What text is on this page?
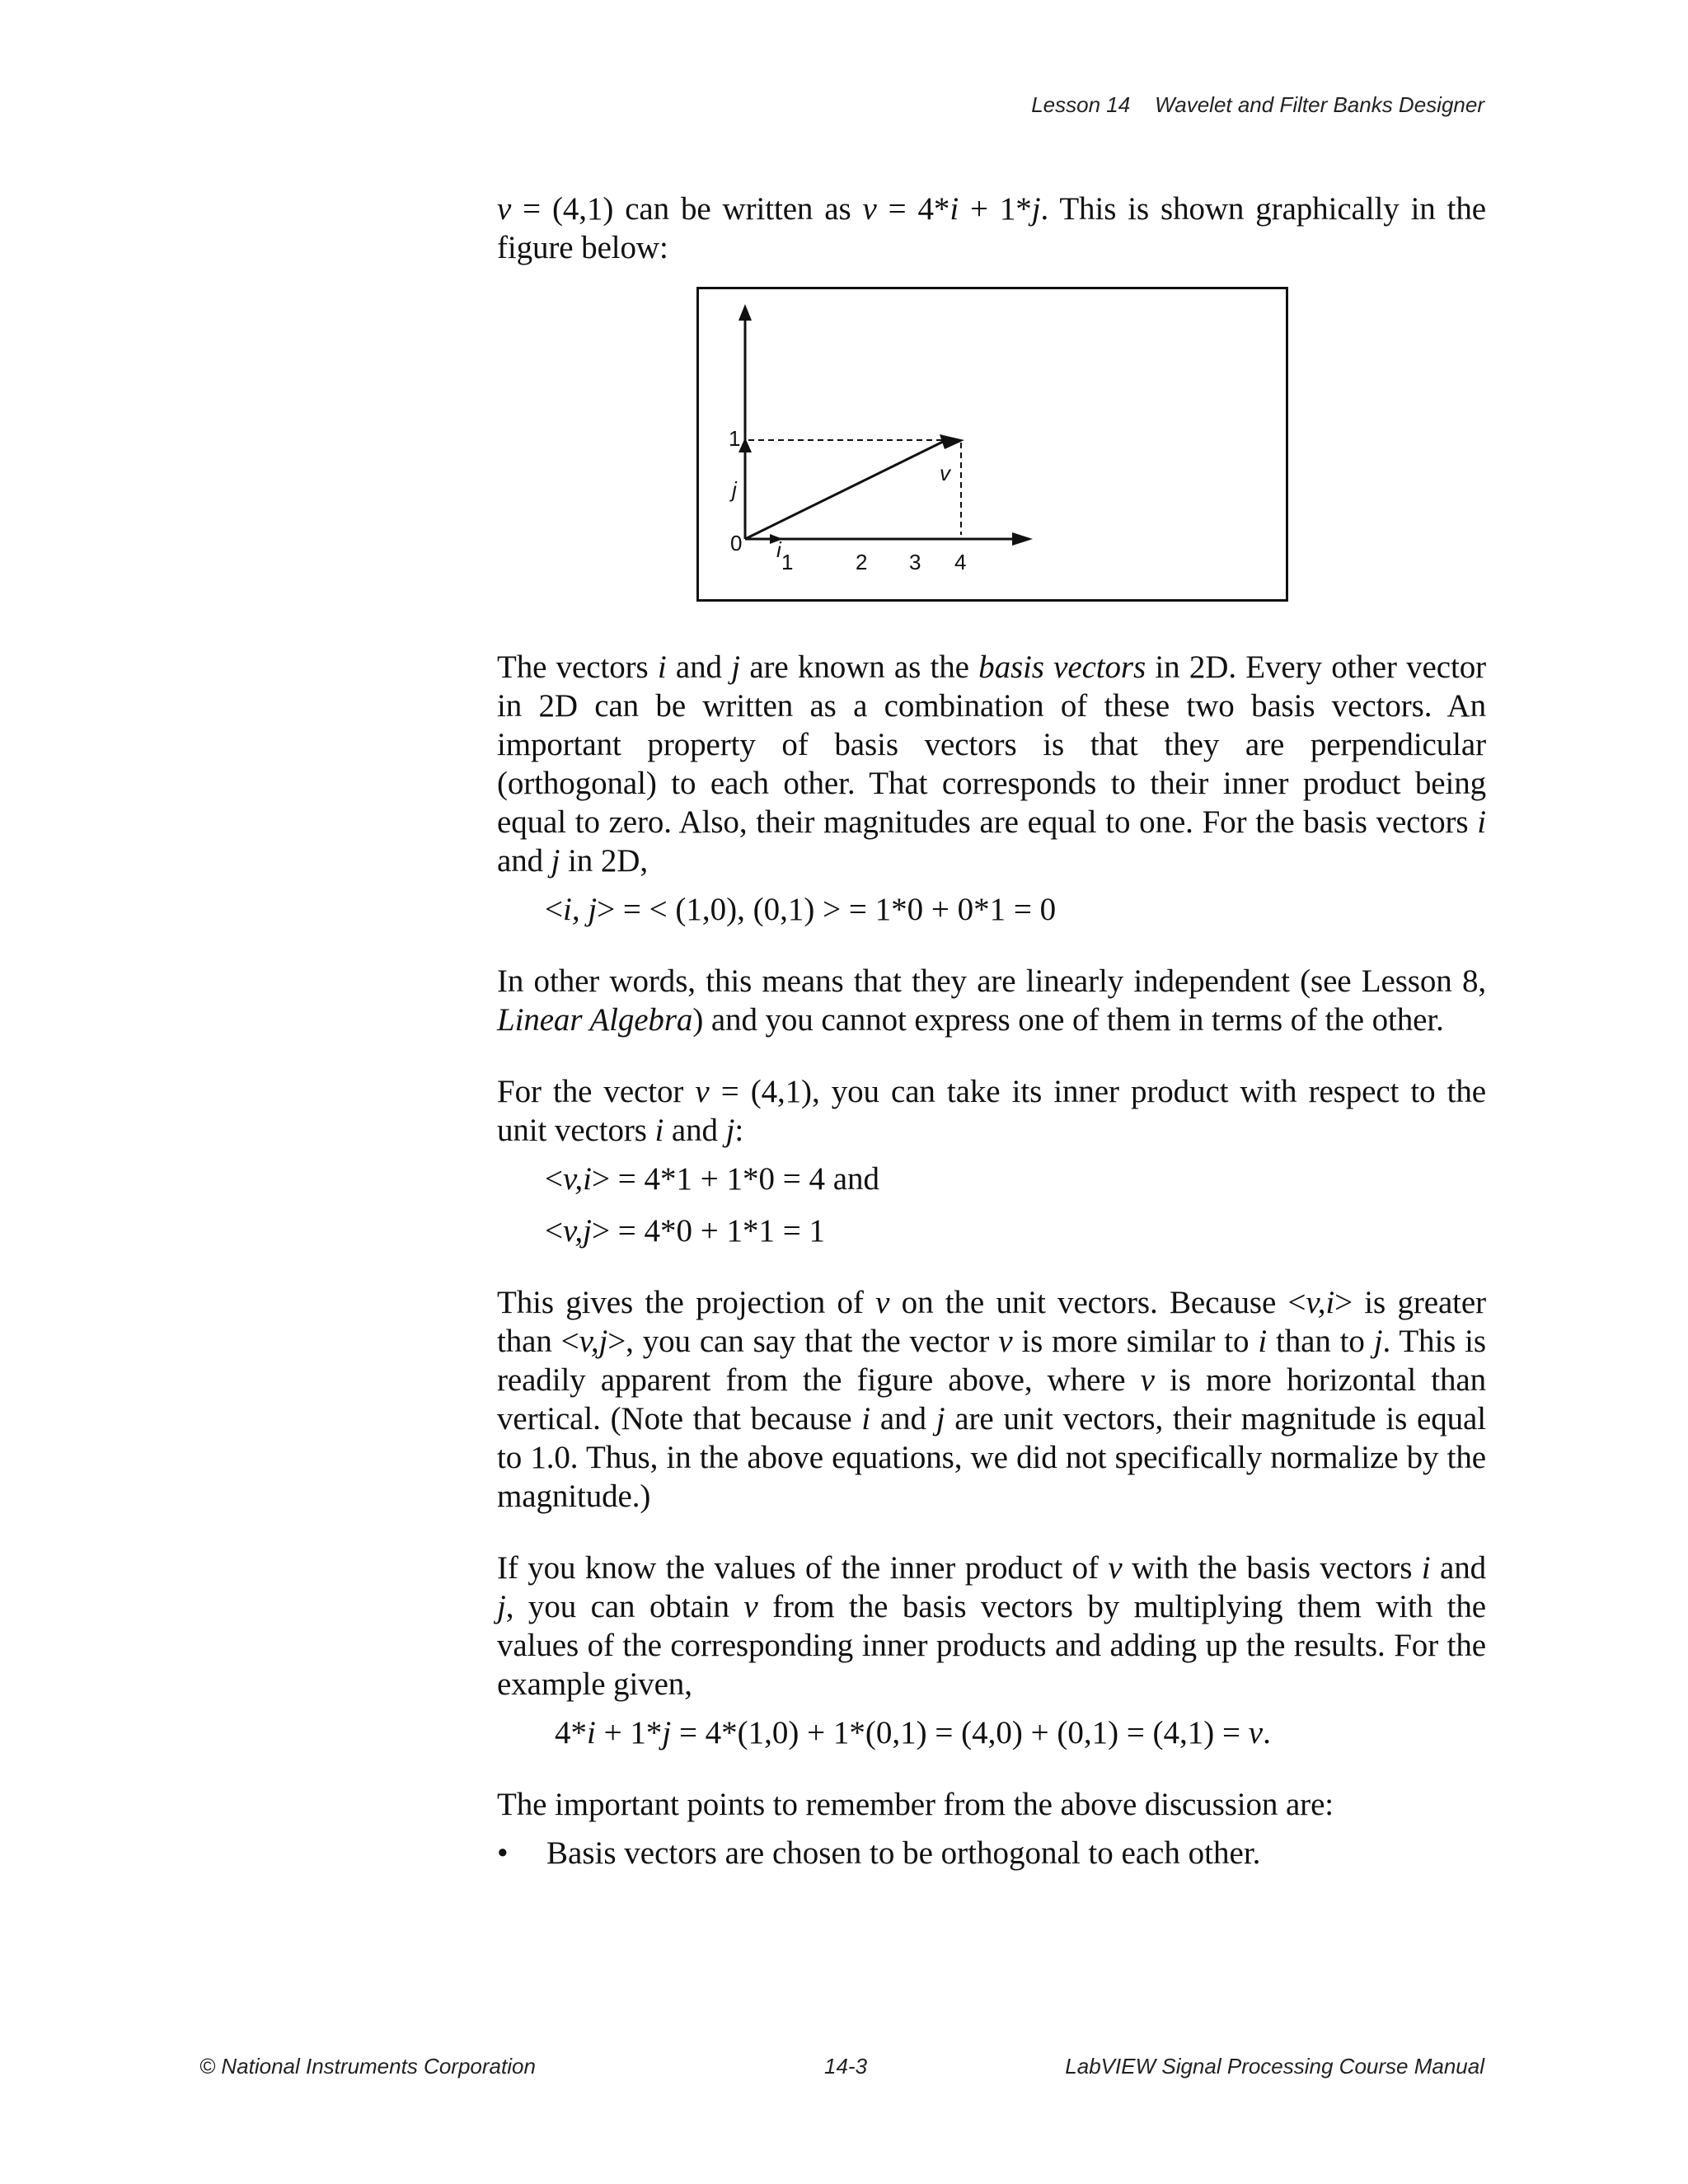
Lesson 14 Wavelet and Filter Banks Designer

v = (4,1) can be written as v = 4*i + 1*j. This is shown graphically in the figure below:

1
0
j
i
v
1	2 3 4

The vectors i and j are known as the basis vectors in 2D. Every other vector in 2D can be written as a combination of these two basis vectors. An important property of basis vectors is that they are perpendicular (orthogonal) to each other. That corresponds to their inner product being equal to zero. Also, their magnitudes are equal to one. For the basis vectors i and j in 2D,

<i, j> = < (1,0), (0,1) > = 1*0 + 0*1 = 0

In other words, this means that they are linearly independent (see Lesson 8, Linear Algebra) and you cannot express one of them in terms of the other.

For the vector v = (4,1), you can take its inner product with respect to the unit vectors i and j:

<v,i> = 4*1 + 1*0 = 4 and
<v,j> = 4*0 + 1*1 = 1

This gives the projection of v on the unit vectors. Because <v,i> is greater than <v,j>, you can say that the vector v is more similar to i than to j. This is readily apparent from the figure above, where v is more horizontal than vertical. (Note that because i and j are unit vectors, their magnitude is equal to 1.0. Thus, in the above equations, we did not specifically normalize by the magnitude.)

If you know the values of the inner product of v with the basis vectors i and j, you can obtain v from the basis vectors by multiplying them with the values of the corresponding inner products and adding up the results. For the example given,

4*i + 1*j = 4*(1,0) + 1*(0,1) = (4,0) + (0,1) = (4,1) = v.

The important points to remember from the above discussion are:

• Basis vectors are chosen to be orthogonal to each other.
© National Instruments Corporation	14-3	LabVIEW Signal Processing Course Manual
